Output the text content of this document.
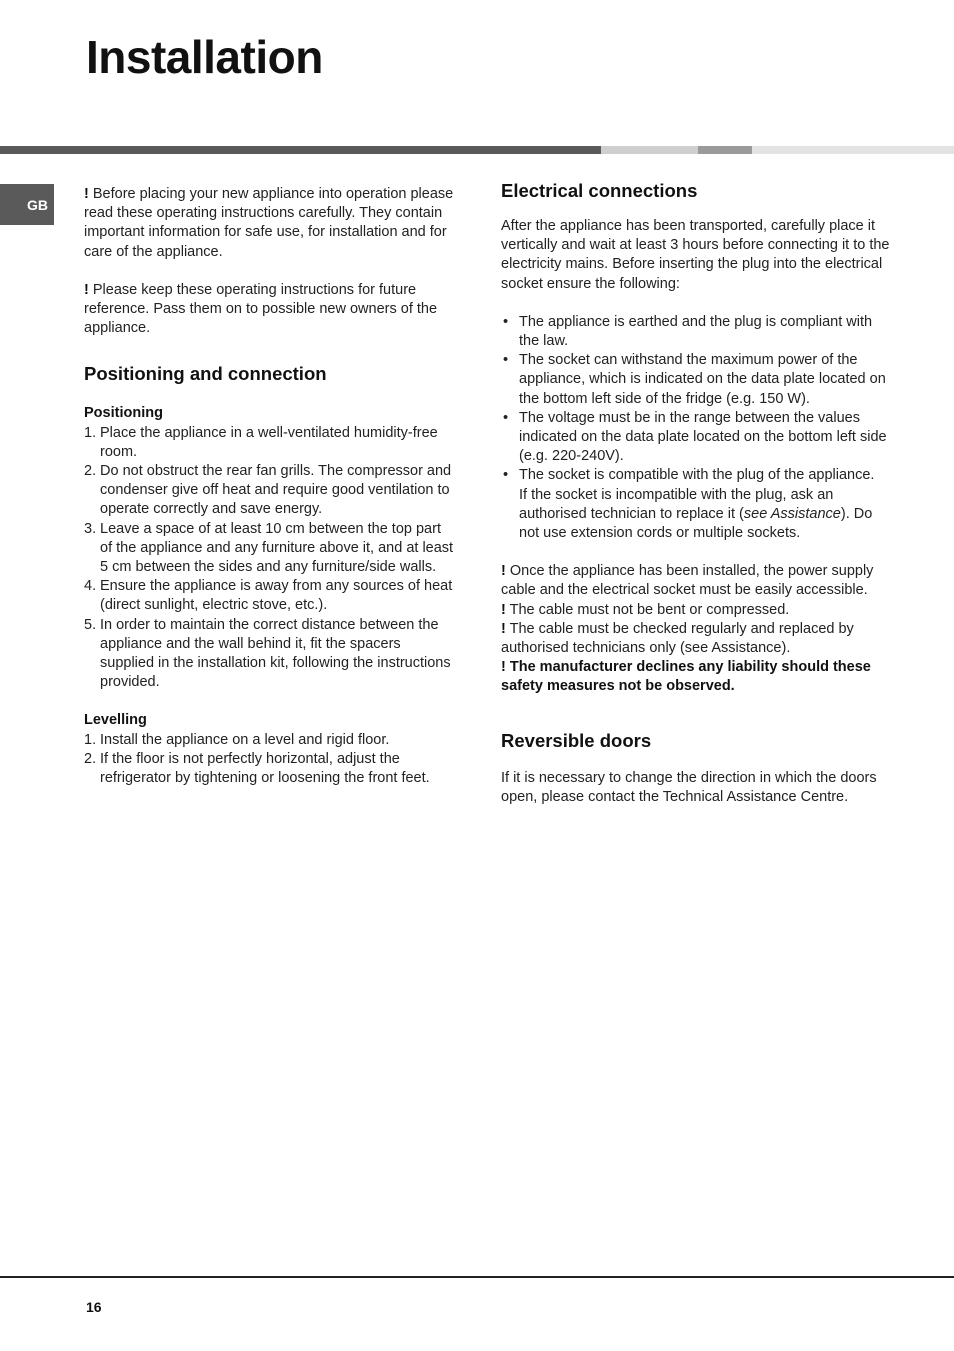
Installation
GB

! Before placing your new appliance into operation please read these operating instructions carefully. They contain important information for safe use, for installation and for care of the appliance.

! Please keep these operating instructions for future reference. Pass them on to possible new owners of the appliance.

Positioning and connection
Positioning
1. Place the appliance in a well-ventilated humidity-free room.
2. Do not obstruct the rear fan grills. The compressor and condenser give off heat and require good ventilation to operate correctly and save energy.
3. Leave a space of at least 10 cm between the top part of the appliance and any furniture above it, and at least 5 cm between the sides and any furniture/side walls.
4. Ensure the appliance is away from any sources of heat (direct sunlight, electric stove, etc.).
5. In order to maintain the correct distance between the appliance and the wall behind it, fit the spacers supplied in the installation kit, following the instructions provided.
Levelling
1. Install the appliance on a level and rigid floor.
2. If the floor is not perfectly horizontal, adjust the refrigerator by tightening or loosening the front feet.
Electrical connections

After the appliance has been transported, carefully place it vertically and wait at least 3 hours before connecting it to the electricity mains. Before inserting the plug into the electrical socket ensure the following:

• The appliance is earthed and the plug is compliant with the law.
• The socket can withstand the maximum power of the appliance, which is indicated on the data plate located on the bottom left side of the fridge (e.g. 150 W).
• The voltage must be in the range between the values indicated on the data plate located on the bottom left side (e.g. 220-240V).
• The socket is compatible with the plug of the appliance.
If the socket is incompatible with the plug, ask an authorised technician to replace it (see Assistance). Do not use extension cords or multiple sockets.

! Once the appliance has been installed, the power supply cable and the electrical socket must be easily accessible.

! The cable must not be bent or compressed.

! The cable must be checked regularly and replaced by authorised technicians only (see Assistance).

! The manufacturer declines any liability should these safety measures not be observed.

Reversible doors

If it is necessary to change the direction in which the doors open, please contact the Technical Assistance Centre.

16
